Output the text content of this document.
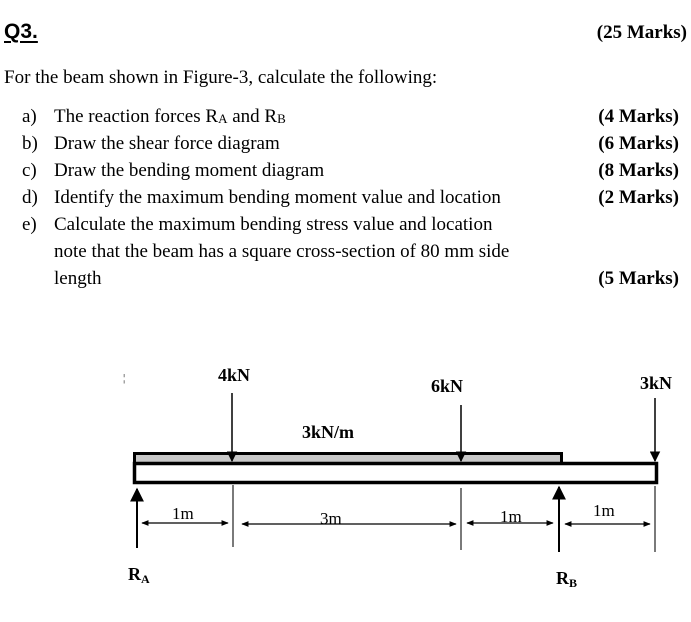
Q3.	(25 Marks)
For the beam shown in Figure-3, calculate the following:
a) The reaction forces $R_A$ and $R_B$	(4 Marks)
b) Draw the shear force diagram	(6 Marks)
c) Draw the bending moment diagram	(8 Marks)
d) Identify the maximum bending moment value and location	(2 Marks)
e) Calculate the maximum bending stress value and location
note that the beam has a square cross-section of 80 mm side
length	(5 Marks)
¦	4kN
6kN	3kN
3kN/m
RA	RB
1m	3m	1m	1m
